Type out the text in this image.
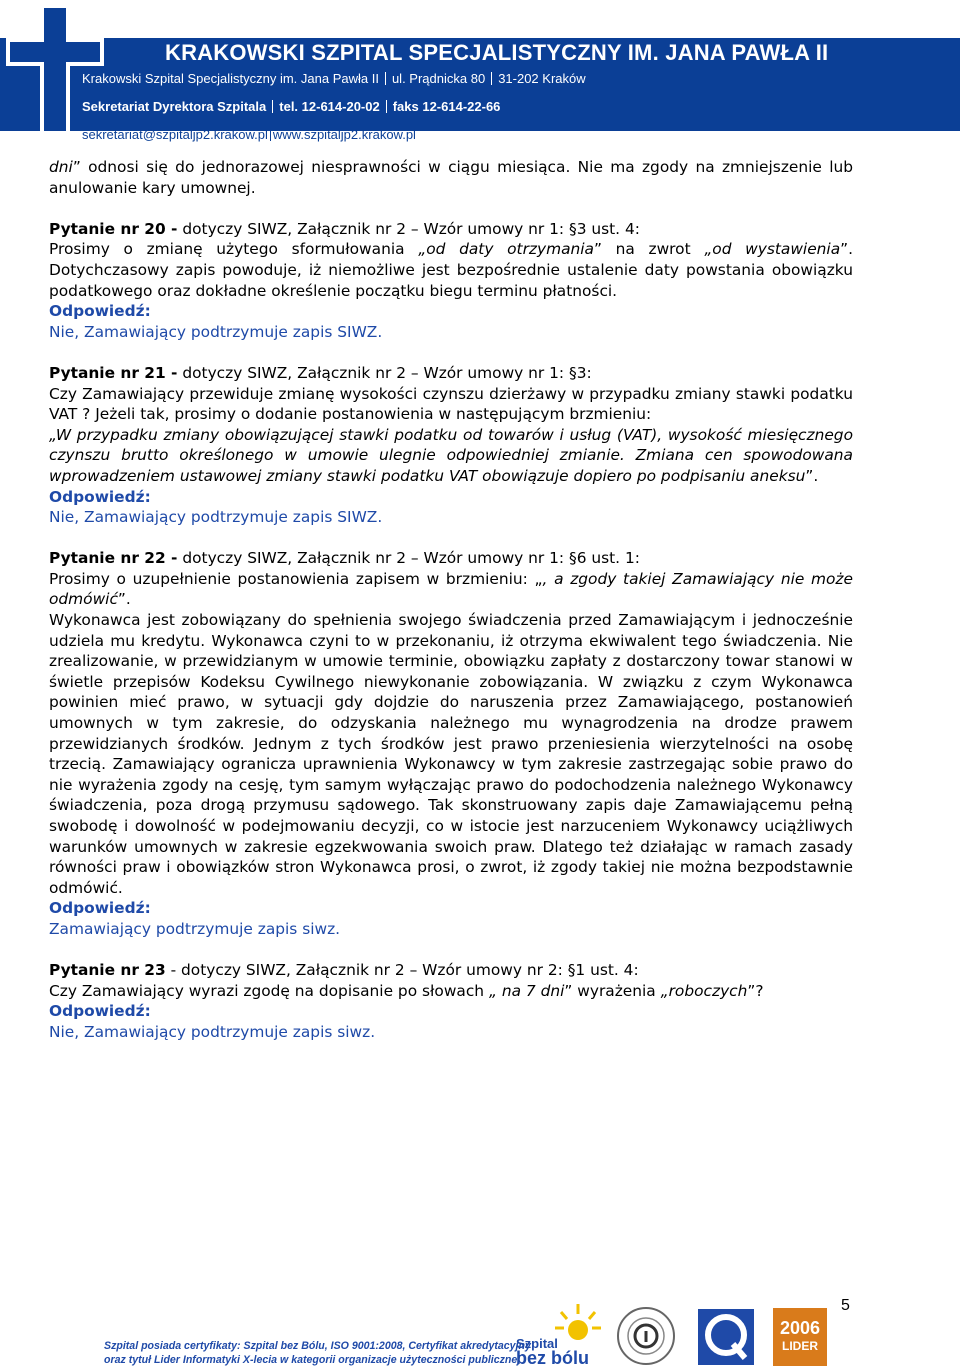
KRAKOWSKI SZPITAL SPECJALISTYCZNY IM. JANA PAWŁA II
Krakowski Szpital Specjalistyczny im. Jana Pawła II ul. Prądnicka 80 31-202 Kraków
Sekretariat Dyrektora Szpitala tel. 12-614-20-02 faks 12-614-22-66
sekretariat@szpitaljp2.krakow.pl www.szpitaljp2.krakow.pl

dni” odnosi się do jednorazowej niesprawności w ciągu miesiąca. Nie ma zgody na zmniejszenie lub anulowanie kary umownej.

Pytanie nr 20 - dotyczy SIWZ, Załącznik nr 2 – Wzór umowy nr 1: §3 ust. 4:
Prosimy o zmianę użytego sformułowania „od daty otrzymania” na zwrot „od wystawienia”. Dotychczasowy zapis powoduje, iż niemożliwe jest bezpośrednie ustalenie daty powstania obowiązku podatkowego oraz dokładne określenie początku biegu terminu płatności.

Odpowiedź:

Nie, Zamawiający podtrzymuje zapis SIWZ.

Pytanie nr 21 - dotyczy SIWZ, Załącznik nr 2 – Wzór umowy nr 1: §3:
Czy Zamawiający przewiduje zmianę wysokości czynszu dzierżawy w przypadku zmiany stawki podatku VAT ? Jeżeli tak, prosimy o dodanie postanowienia w następującym brzmieniu:
„W przypadku zmiany obowiązującej stawki podatku od towarów i usług (VAT), wysokość miesięcznego czynszu brutto określonego w umowie ulegnie odpowiedniej zmianie. Zmiana cen spowodowana wprowadzeniem ustawowej zmiany stawki podatku VAT obowiązuje dopiero po podpisaniu aneksu”.

Odpowiedź:

Nie, Zamawiający podtrzymuje zapis SIWZ.

Pytanie nr 22 - dotyczy SIWZ, Załącznik nr 2 – Wzór umowy nr 1: §6 ust. 1:
Prosimy o uzupełnienie postanowienia zapisem w brzmieniu: „, a zgody takiej Zamawiający nie może odmówić”.
Wykonawca jest zobowiązany do spełnienia swojego świadczenia przed Zamawiającym i jednocześnie udziela mu kredytu. Wykonawca czyni to w przekonaniu, iż otrzyma ekwiwalent tego świadczenia. Nie zrealizowanie, w przewidzianym w umowie terminie, obowiązku zapłaty z dostarczony towar stanowi w świetle przepisów Kodeksu Cywilnego niewykonanie zobowiązania. W związku z czym Wykonawca powinien mieć prawo, w sytuacji gdy dojdzie do naruszenia przez Zamawiającego, postanowień umownych w tym zakresie, do odzyskania należnego mu wynagrodzenia na drodze prawem przewidzianych środków. Jednym z tych środków jest prawo przeniesienia wierzytelności na osobę trzecią. Zamawiający ogranicza uprawnienia Wykonawcy w tym zakresie zastrzegając sobie prawo do nie wyrażenia zgody na cesję, tym samym wyłączając prawo do podochodzenia należnego Wykonawcy świadczenia, poza drogą przymusu sądowego. Tak skonstruowany zapis daje Zamawiającemu pełną swobodę i dowolność w podejmowaniu decyzji, co w istocie jest narzuceniem Wykonawcy uciążliwych warunków umownych w zakresie egzekwowania swoich praw. Dlatego też działając w ramach zasady równości praw i obowiązków stron Wykonawca prosi, o zwrot, iż zgody takiej nie można bezpodstawnie odmówić.

Odpowiedź:

Zamawiający podtrzymuje zapis siwz.

Pytanie nr 23 - dotyczy SIWZ, Załącznik nr 2 – Wzór umowy nr 2: §1 ust. 4:
Czy Zamawiający wyrazi zgodę na dopisanie po słowach „ na 7 dni” wyrażenia „roboczych”?

Odpowiedź:

Nie, Zamawiający podtrzymuje zapis siwz.

5
Szpital posiada certyfikaty: Szpital bez Bólu, ISO 9001:2008, Certyfikat akredytacyjny
oraz tytuł Lider Informatyki X-lecia w kategorii organizacje użyteczności publicznej
Szpital
bez bólu
2006
LIDER
